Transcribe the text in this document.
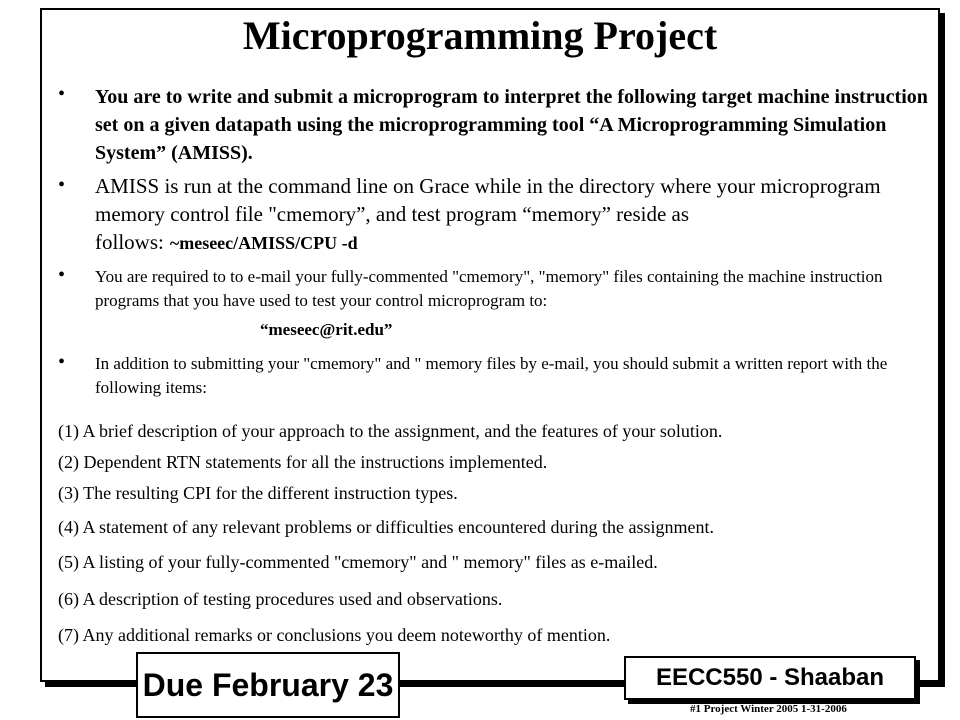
Microprogramming Project
• You are to write and submit a microprogram to interpret the following target machine instruction set on a given datapath using the microprogramming tool “A Microprogramming Simulation System” (AMISS).
• AMISS is run at the command line on Grace while in the directory where your microprogram memory control file "cmemory”, and test program “memory” reside as follows: ~meseec/AMISS/CPU -d
• You are required to to e-mail your fully-commented "cmemory", "memory" files containing the machine instruction programs that you have used to test your control microprogram to:
“meseec@rit.edu”
• In addition to submitting your "cmemory" and " memory files by e-mail, you should submit a written report with the following items:
(1) A brief description of your approach to the assignment, and the features of your solution.
(2) Dependent RTN statements for all the instructions implemented.
(3) The resulting CPI for the different instruction types.
(4) A statement of any relevant problems or difficulties encountered during the assignment.
(5) A listing of your fully-commented "cmemory" and " memory" files as e-mailed.
(6) A description of testing procedures used and observations.
(7) Any additional remarks or conclusions you deem noteworthy of mention.
Due February 23	EECC550 - Shaaban
#1 Project Winter 2005 1-31-2006
